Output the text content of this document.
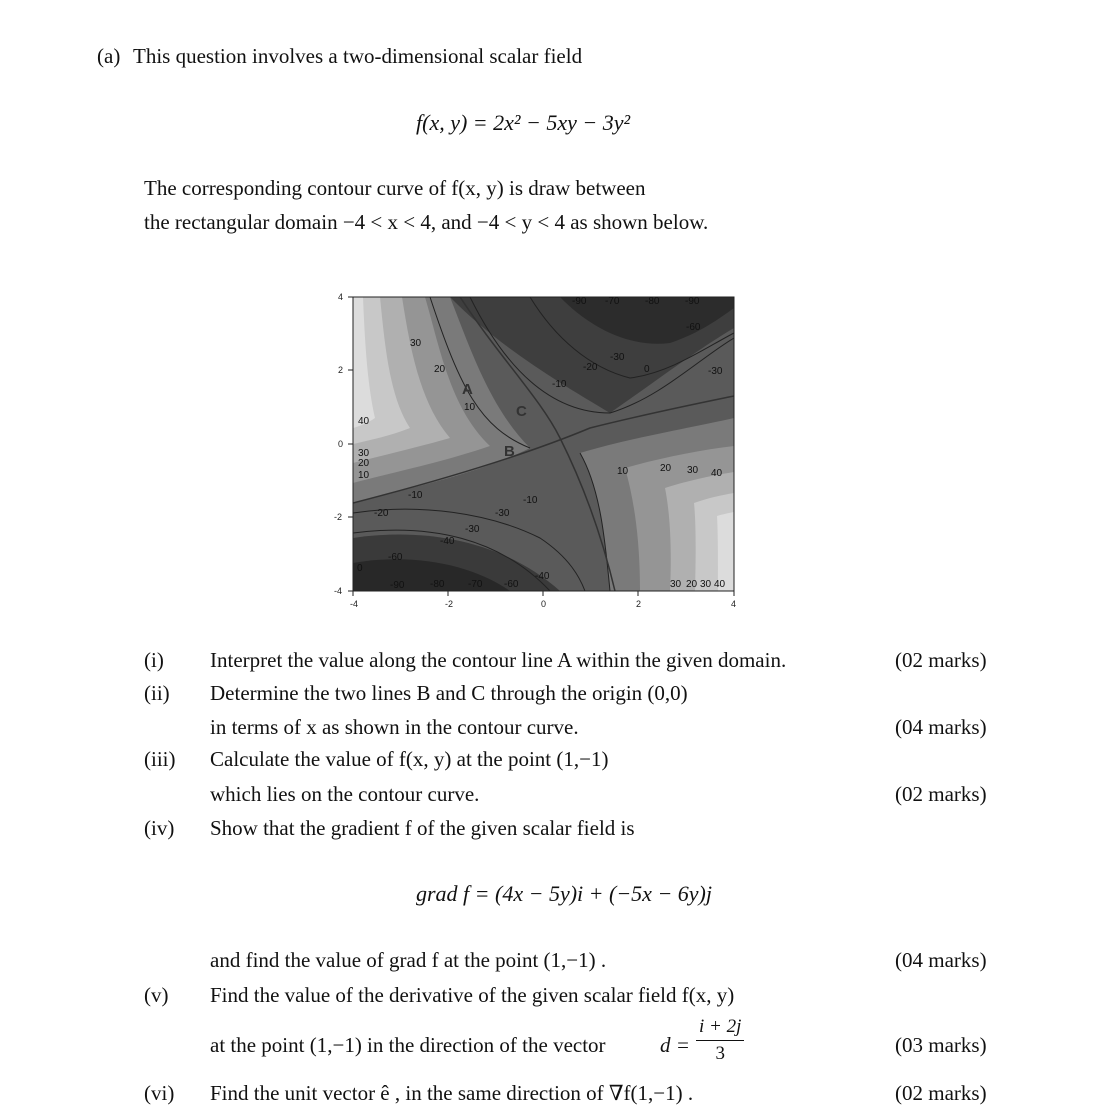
(a) This question involves a two-dimensional scalar field
f(x, y) = 2x² − 5xy − 3y²
The corresponding contour curve of f(x, y) is draw between
the rectangular domain −4 < x < 4, and −4 < y < 4 as shown below.
-60
-30
-30
-20
-10
30
20
10
40
30
20
10	10	20 30 40
-10
-20
-30
-40
-60
-90	-80 -70 -60	30 20 30 40
0
-40
-30
-10
0
-90 -70	-80	-90
A
B
C
-4	-2	0	2	4
4
2
0
-2
-4
(i) Interpret the value along the contour line A within the given domain.	(02 marks)
(ii) Determine the two lines B and C through the origin (0,0)
in terms of x as shown in the contour curve.	(04 marks)
(iii) Calculate the value of f(x, y) at the point (1,−1)
which lies on the contour curve.	(02 marks)
(iv) Show that the gradient f of the given scalar field is
grad f = (4x − 5y)i + (−5x − 6y)j
and find the value of grad f at the point (1,−1) .	(04 marks)
(v) Find the value of the derivative of the given scalar field f(x, y)
at the point (1,−1) in the direction of the vector	$d = \frac{i + 2j}{3}$	(03 marks)
(vi) Find the unit vector ê , in the same direction of ∇f(1,−1) .	(02 marks)
